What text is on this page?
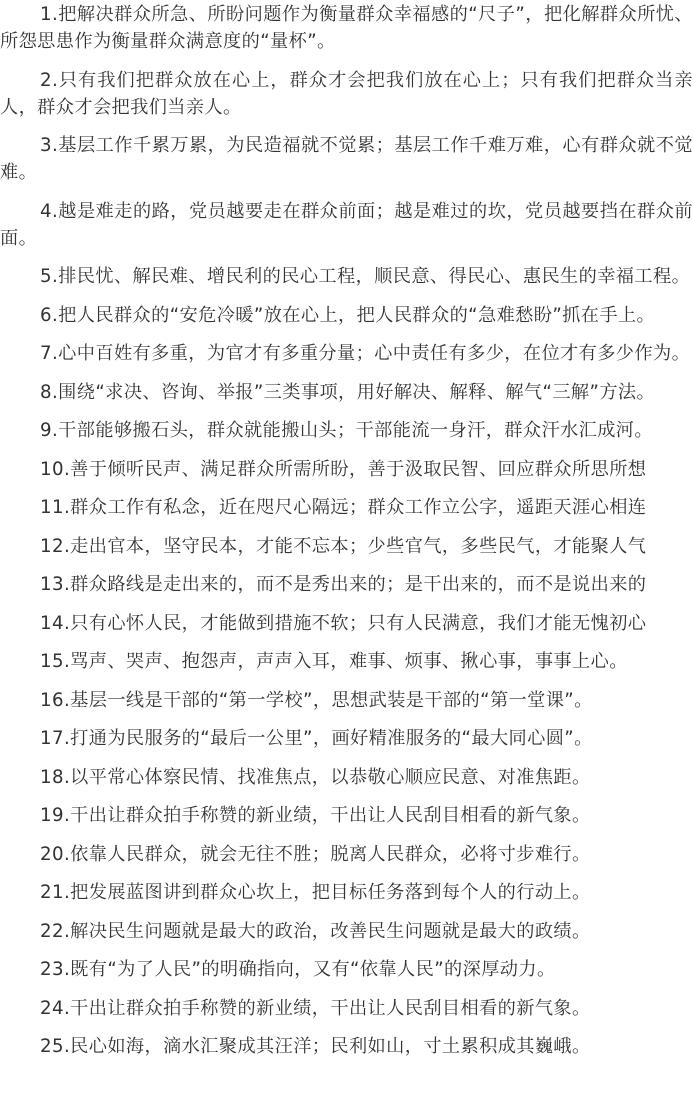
1.把解决群众所急、所盼问题作为衡量群众幸福感的“尺子”，把化解群众所忧、所怨思患作为衡量群众满意度的“量杯”。

2.只有我们把群众放在心上，群众才会把我们放在心上；只有我们把群众当亲人，群众才会把我们当亲人。

3.基层工作千累万累，为民造福就不觉累；基层工作千难万难，心有群众就不觉难。

4.越是难走的路，党员越要走在群众前面；越是难过的坎，党员越要挡在群众前面。

5.排民忧、解民难、增民利的民心工程，顺民意、得民心、惠民生的幸福工程。

6.把人民群众的“安危冷暖”放在心上，把人民群众的“急难愁盼”抓在手上。

7.心中百姓有多重，为官才有多重分量；心中责任有多少，在位才有多少作为。

8.围绕“求决、咨询、举报”三类事项，用好解决、解释、解气“三解”方法。

9.干部能够搬石头，群众就能搬山头；干部能流一身汗，群众汗水汇成河。

10.善于倾听民声、满足群众所需所盼，善于汲取民智、回应群众所思所想

11.群众工作有私念，近在咫尺心隔远；群众工作立公字，遥距天涯心相连

12.走出官本，坚守民本，才能不忘本；少些官气，多些民气，才能聚人气

13.群众路线是走出来的，而不是秀出来的；是干出来的，而不是说出来的

14.只有心怀人民，才能做到措施不软；只有人民满意，我们才能无愧初心

15.骂声、哭声、抱怨声，声声入耳，难事、烦事、揪心事，事事上心。

16.基层一线是干部的“第一学校”，思想武装是干部的“第一堂课”。

17.打通为民服务的“最后一公里”，画好精准服务的“最大同心圆”。

18.以平常心体察民情、找准焦点，以恭敬心顺应民意、对准焦距。

19.干出让群众拍手称赞的新业绩，干出让人民刮目相看的新气象。

20.依靠人民群众，就会无往不胜；脱离人民群众，必将寸步难行。

21.把发展蓝图讲到群众心坎上，把目标任务落到每个人的行动上。

22.解决民生问题就是最大的政治，改善民生问题就是最大的政绩。

23.既有“为了人民”的明确指向，又有“依靠人民”的深厚动力。

24.干出让群众拍手称赞的新业绩，干出让人民刮目相看的新气象。

25.民心如海，滴水汇聚成其汪洋；民利如山，寸土累积成其巍峨。
